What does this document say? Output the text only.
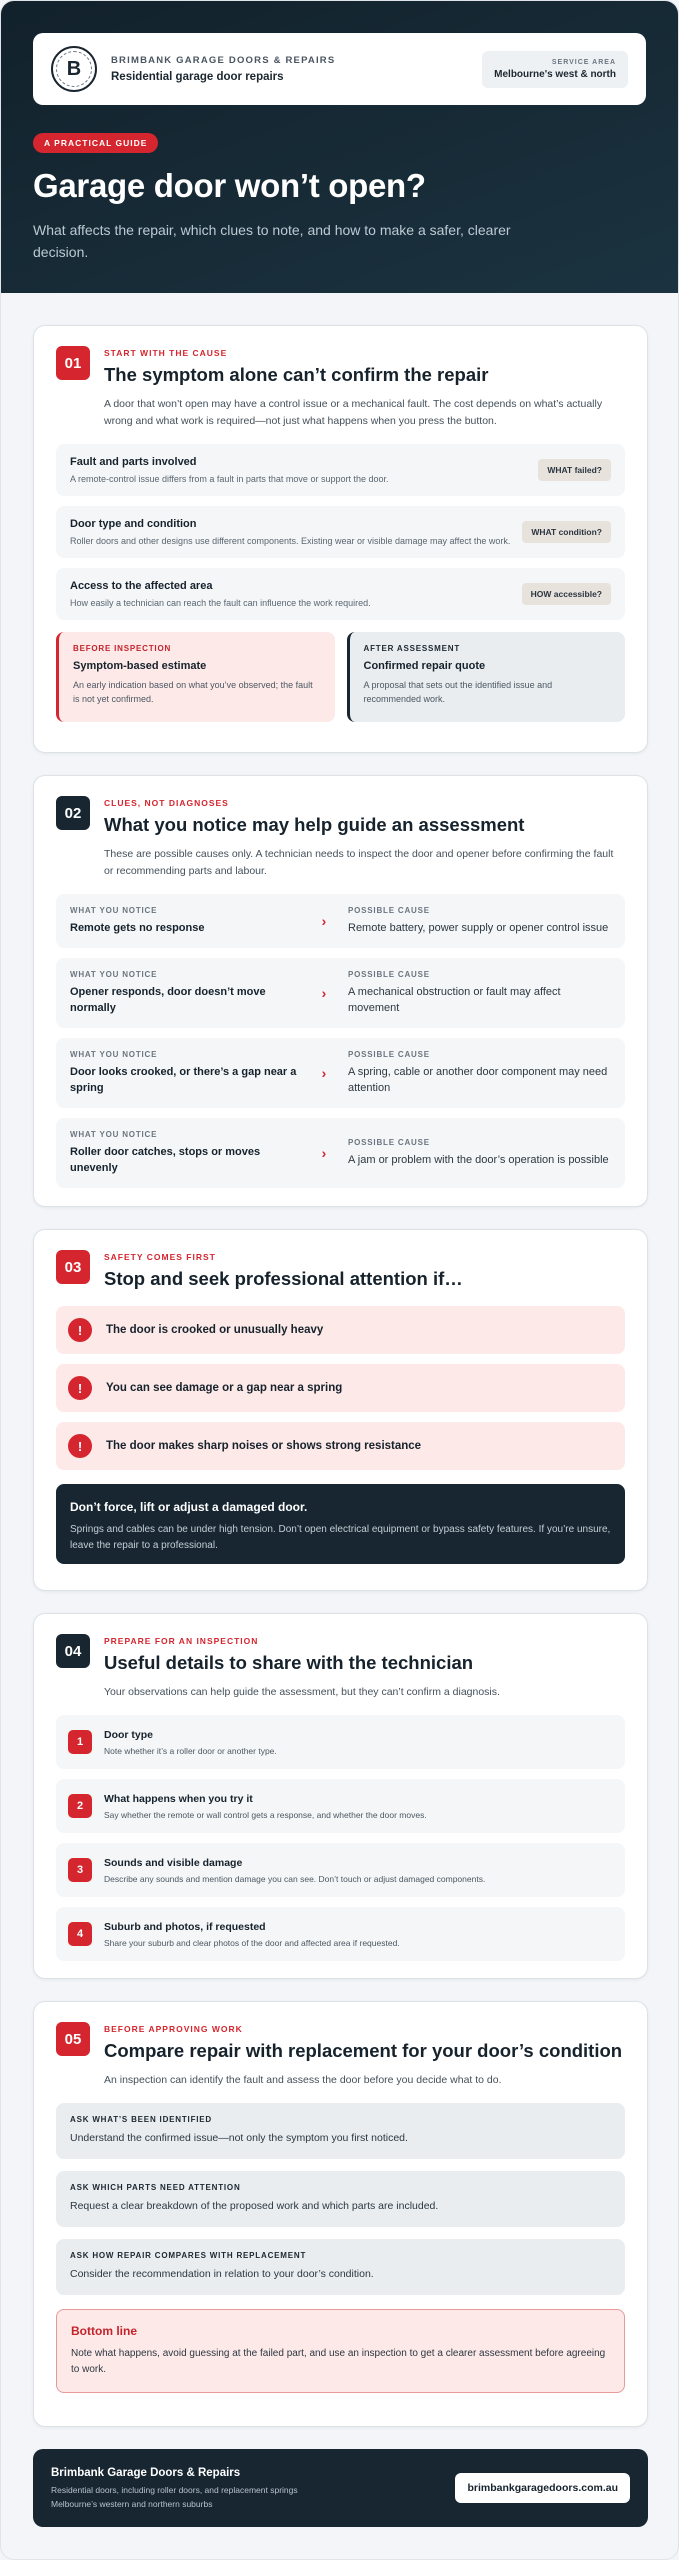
B	BRIMBANK GARAGE DOORS & REPAIRS
Residential garage door repairs
SERVICE AREA
Melbourne's west & north
A PRACTICAL GUIDE
Garage door won’t open?

What affects the repair, which clues to note, and how to make a safer, clearer decision.

01
START WITH THE CAUSE
The symptom alone can’t confirm the repair

A door that won’t open may have a control issue or a mechanical fault. The cost depends on what’s actually wrong and what work is required—not just what happens when you press the button.

Fault and parts involved
A remote-control issue differs from a fault in parts that move or support the door.
WHAT failed?
Door type and condition
Roller doors and other designs use different components. Existing wear or visible damage may affect the work.
WHAT condition?
Access to the affected area
How easily a technician can reach the fault can influence the work required.
HOW accessible?
BEFORE INSPECTION
Symptom-based estimate
An early indication based on what you’ve observed; the fault is not yet confirmed.
AFTER ASSESSMENT
Confirmed repair quote
A proposal that sets out the identified issue and recommended work.
02
CLUES, NOT DIAGNOSES
What you notice may help guide an assessment

These are possible causes only. A technician needs to inspect the door and opener before confirming the fault or recommending parts and labour.

WHAT YOU NOTICE
Remote gets no response	›
POSSIBLE CAUSE
Remote battery, power supply or opener control issue
WHAT YOU NOTICE
Opener responds, door doesn’t move normally
›
POSSIBLE CAUSE
A mechanical obstruction or fault may affect movement
WHAT YOU NOTICE
Door looks crooked, or there’s a gap near a spring
›
POSSIBLE CAUSE
A spring, cable or another door component may need attention
WHAT YOU NOTICE
Roller door catches, stops or moves unevenly
›
POSSIBLE CAUSE
A jam or problem with the door’s operation is possible
03
SAFETY COMES FIRST
Stop and seek professional attention if…
!	The door is crooked or unusually heavy
!	You can see damage or a gap near a spring
!	The door makes sharp noises or shows strong resistance
Don’t force, lift or adjust a damaged door.
Springs and cables can be under high tension. Don’t open electrical equipment or bypass safety features. If you’re unsure, leave the repair to a professional.
04
PREPARE FOR AN INSPECTION
Useful details to share with the technician

Your observations can help guide the assessment, but they can’t confirm a diagnosis.

1
Door type
Note whether it’s a roller door or another type.
2
What happens when you try it
Say whether the remote or wall control gets a response, and whether the door moves.
3
Sounds and visible damage
Describe any sounds and mention damage you can see. Don’t touch or adjust damaged components.
4
Suburb and photos, if requested
Share your suburb and clear photos of the door and affected area if requested.
05
BEFORE APPROVING WORK
Compare repair with replacement for your door’s condition

An inspection can identify the fault and assess the door before you decide what to do.

ASK WHAT’S BEEN IDENTIFIED
Understand the confirmed issue—not only the symptom you first noticed.
ASK WHICH PARTS NEED ATTENTION
Request a clear breakdown of the proposed work and which parts are included.
ASK HOW REPAIR COMPARES WITH REPLACEMENT
Consider the recommendation in relation to your door’s condition.
Bottom line
Note what happens, avoid guessing at the failed part, and use an inspection to get a clearer assessment before agreeing to work.
Brimbank Garage Doors & Repairs
Residential doors, including roller doors, and replacement springs
Melbourne’s western and northern suburbs
brimbankgaragedoors.com.au
